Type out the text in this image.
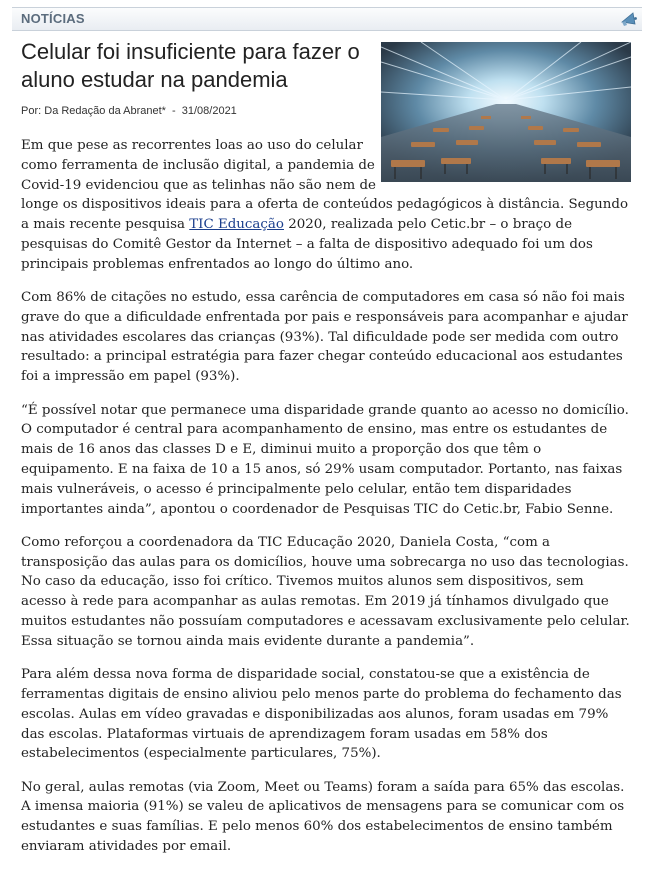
NOTÍCIAS
Celular foi insuficiente para fazer o aluno estudar na pandemia
Por: Da Redação da Abranet* - 31/08/2021

Em que pese as recorrentes loas ao uso do celular como ferramenta de inclusão digital, a pandemia de Covid-19 evidenciou que as telinhas não são nem de longe os dispositivos ideais para a oferta de conteúdos pedagógicos à distância. Segundo a mais recente pesquisa TIC Educação 2020, realizada pelo Cetic.br – o braço de pesquisas do Comitê Gestor da Internet – a falta de dispositivo adequado foi um dos principais problemas enfrentados ao longo do último ano.

Com 86% de citações no estudo, essa carência de computadores em casa só não foi mais grave do que a dificuldade enfrentada por pais e responsáveis para acompanhar e ajudar nas atividades escolares das crianças (93%). Tal dificuldade pode ser medida com outro resultado: a principal estratégia para fazer chegar conteúdo educacional aos estudantes foi a impressão em papel (93%).

“É possível notar que permanece uma disparidade grande quanto ao acesso no domicílio. O computador é central para acompanhamento de ensino, mas entre os estudantes de mais de 16 anos das classes D e E, diminui muito a proporção dos que têm o equipamento. E na faixa de 10 a 15 anos, só 29% usam computador. Portanto, nas faixas mais vulneráveis, o acesso é principalmente pelo celular, então tem disparidades importantes ainda”, apontou o coordenador de Pesquisas TIC do Cetic.br, Fabio Senne.

Como reforçou a coordenadora da TIC Educação 2020, Daniela Costa, “com a transposição das aulas para os domicílios, houve uma sobrecarga no uso das tecnologias. No caso da educação, isso foi crítico. Tivemos muitos alunos sem dispositivos, sem acesso à rede para acompanhar as aulas remotas. Em 2019 já tínhamos divulgado que muitos estudantes não possuíam computadores e acessavam exclusivamente pelo celular. Essa situação se tornou ainda mais evidente durante a pandemia”.

Para além dessa nova forma de disparidade social, constatou-se que a existência de ferramentas digitais de ensino aliviou pelo menos parte do problema do fechamento das escolas. Aulas em vídeo gravadas e disponibilizadas aos alunos, foram usadas em 79% das escolas. Plataformas virtuais de aprendizagem foram usadas em 58% dos estabelecimentos (especialmente particulares, 75%).

No geral, aulas remotas (via Zoom, Meet ou Teams) foram a saída para 65% das escolas. A imensa maioria (91%) se valeu de aplicativos de mensagens para se comunicar com os estudantes e suas famílias. E pelo menos 60% dos estabelecimentos de ensino também enviaram atividades por email.
